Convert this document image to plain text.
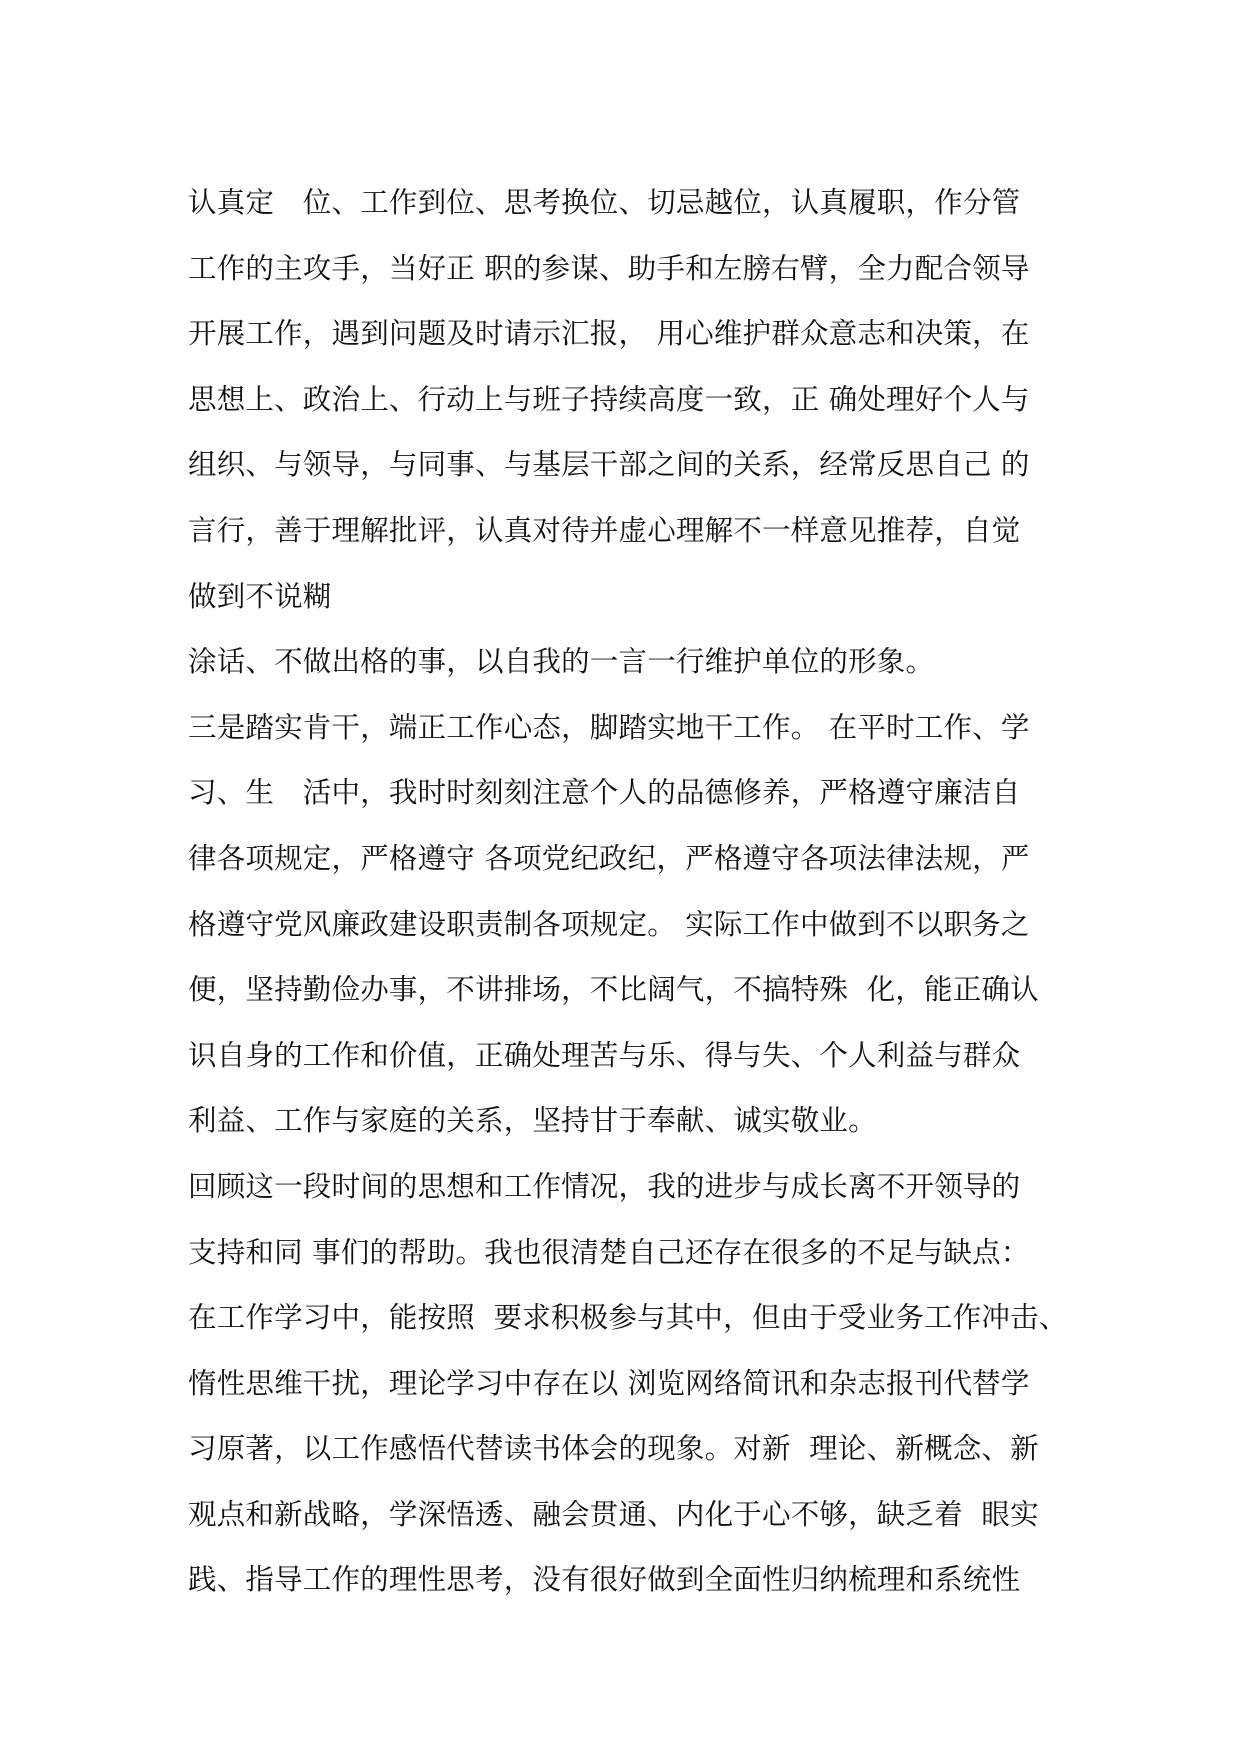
认真定　位、工作到位、思考换位、切忌越位，认真履职，作分管
工作的主攻手，当好正 职的参谋、助手和左膀右臂，全力配合领导
开展工作，遇到问题及时请示汇报， 用心维护群众意志和决策，在
思想上、政治上、行动上与班子持续高度一致，正 确处理好个人与
组织、与领导，与同事、与基层干部之间的关系，经常反思自己 的
言行，善于理解批评，认真对待并虚心理解不一样意见推荐，自觉
做到不说糊
涂话、不做出格的事，以自我的一言一行维护单位的形象。
三是踏实肯干，端正工作心态，脚踏实地干工作。 在平时工作、学
习、生　活中，我时时刻刻注意个人的品德修养，严格遵守廉洁自
律各项规定，严格遵守 各项党纪政纪，严格遵守各项法律法规，严
格遵守党风廉政建设职责制各项规定。 实际工作中做到不以职务之
便，坚持勤俭办事，不讲排场，不比阔气，不搞特殊  化，能正确认
识自身的工作和价值，正确处理苦与乐、得与失、个人利益与群众
利益、工作与家庭的关系，坚持甘于奉献、诚实敬业。
回顾这一段时间的思想和工作情况，我的进步与成长离不开领导的
支持和同 事们的帮助。我也很清楚自己还存在很多的不足与缺点：
在工作学习中，能按照  要求积极参与其中，但由于受业务工作冲击、
惰性思维干扰，理论学习中存在以 浏览网络简讯和杂志报刊代替学
习原著，以工作感悟代替读书体会的现象。对新  理论、新概念、新
观点和新战略，学深悟透、融会贯通、内化于心不够，缺乏着  眼实
践、指导工作的理性思考，没有很好做到全面性归纳梳理和系统性
